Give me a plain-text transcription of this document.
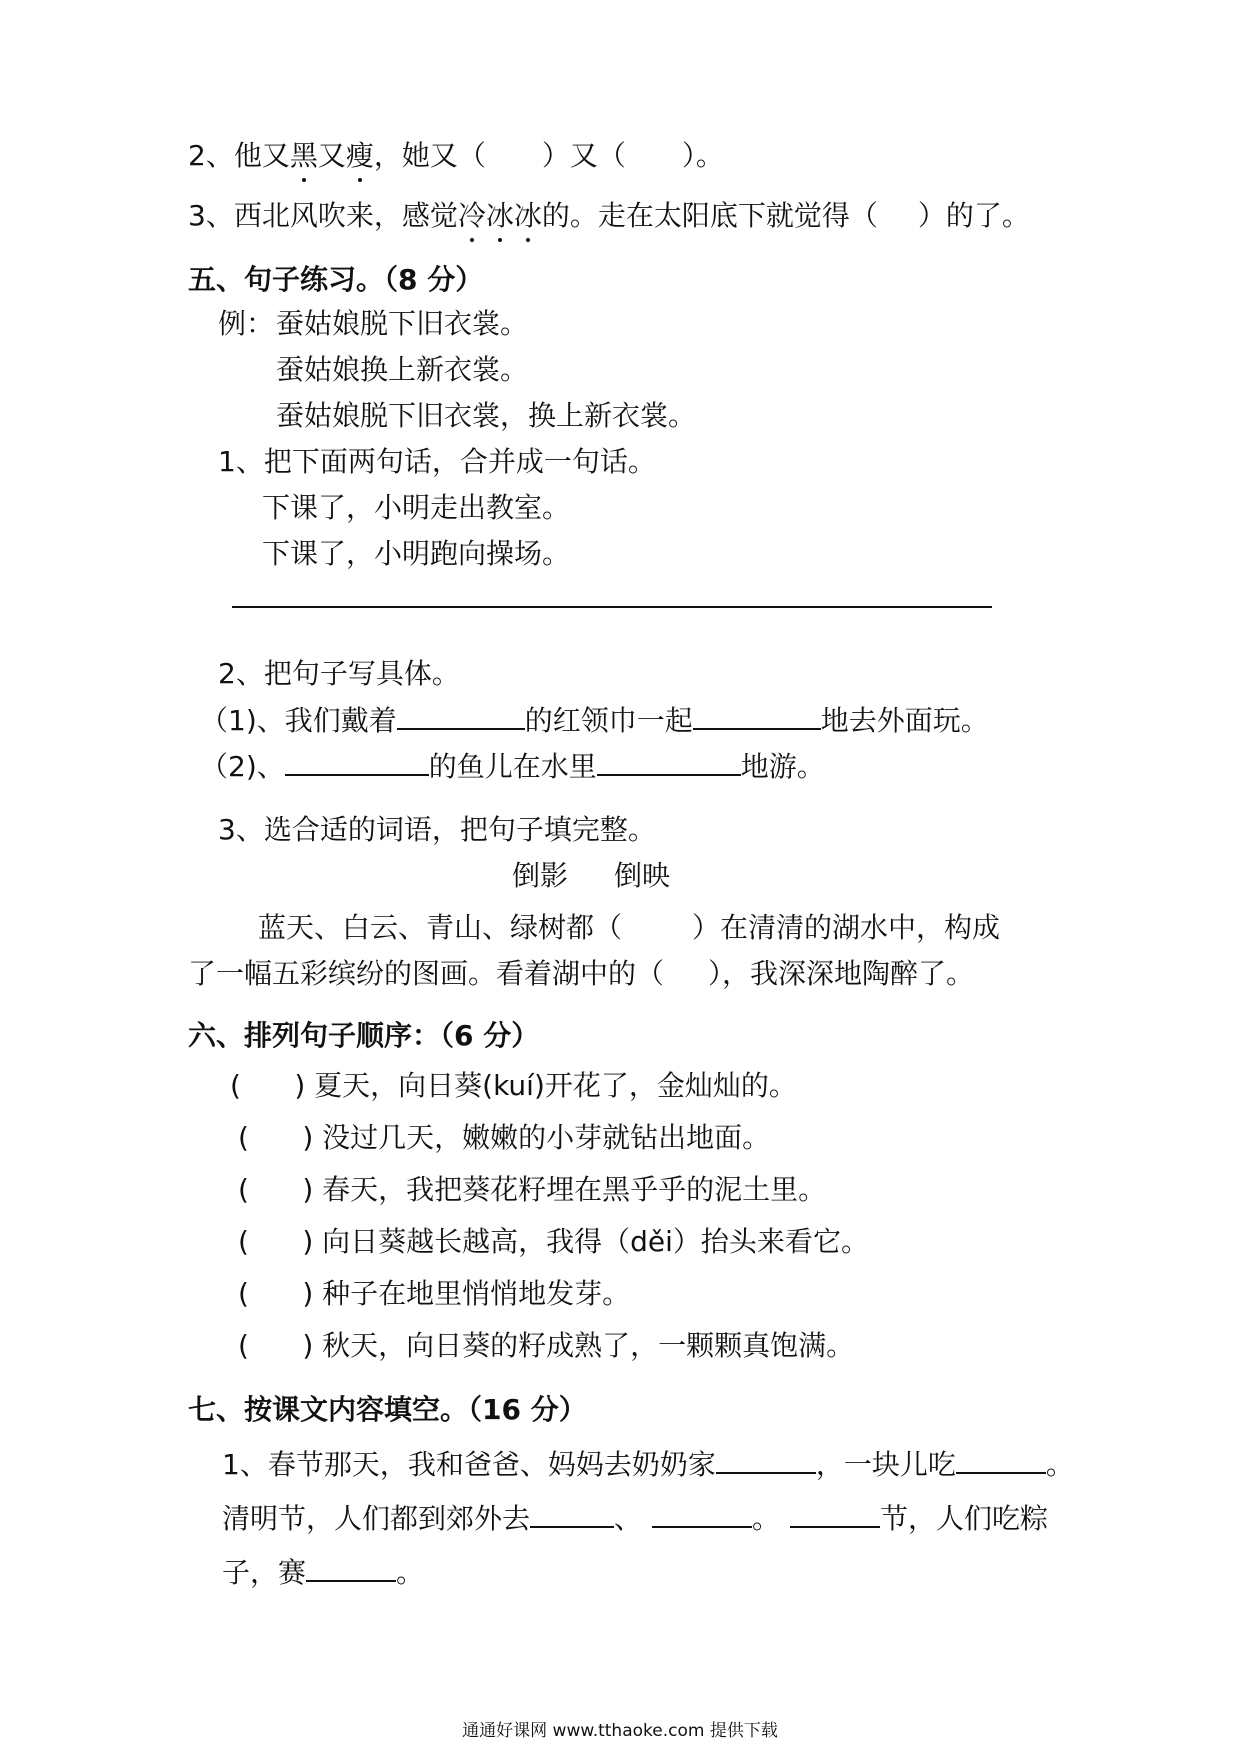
2、他又黑又瘦，她又（ ）又（ ）。
3、西北风吹来，感觉冷冰冰的。走在太阳底下就觉得（ ）的了。
五、句子练习。（8 分）
例： 蚕姑娘脱下旧衣裳。
蚕姑娘换上新衣裳。
蚕姑娘脱下旧衣裳，换上新衣裳。
1、把下面两句话，合并成一句话。
下课了，小明走出教室。
下课了，小明跑向操场。
2、把句子写具体。
（1)、我们戴着	的红领巾一起	地去外面玩。
（2)、	的鱼儿在水里	地游。
3、选合适的词语，把句子填完整。
倒影 倒映
蓝天、白云、青山、绿树都（	）在清清的湖水中，构成
了一幅五彩缤纷的图画。看着湖中的（ ），我深深地陶醉了。
六、排列句子顺序：（6 分）
(      ) 夏天，向日葵(kuí)开花了，金灿灿的。
(      ) 没过几天，嫩嫩的小芽就钻出地面。
(      ) 春天，我把葵花籽埋在黑乎乎的泥土里。
(      ) 向日葵越长越高，我得（děi）抬头来看它。
(      ) 种子在地里悄悄地发芽。
(      ) 秋天，向日葵的籽成熟了，一颗颗真饱满。
七、按课文内容填空。（16 分）
1、春节那天，我和爸爸、妈妈去奶奶家	，一块儿吃	。
清明节，人们都到郊外去	、	。	节，人们吃粽
子，赛	。
通通好课网 www.tthaoke.com 提供下载
